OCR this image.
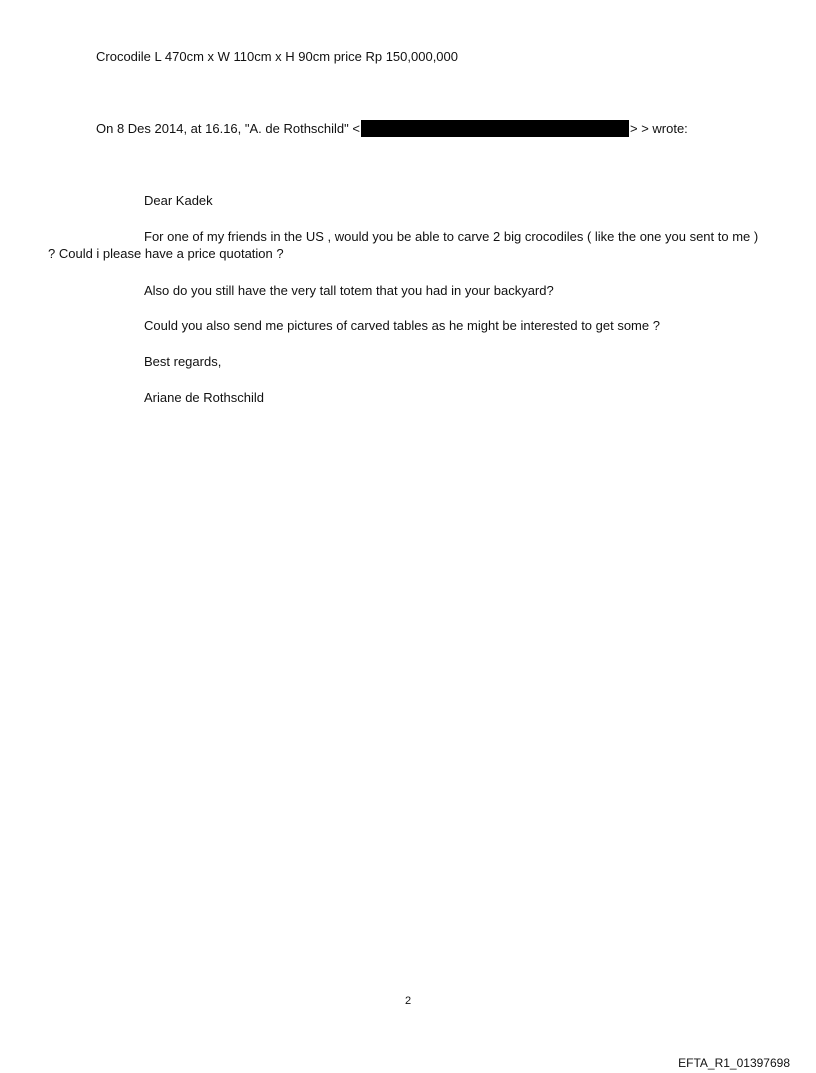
Crocodile L 470cm x W 110cm x H 90cm price Rp 150,000,000
On 8 Des 2014, at 16.16, "A. de Rothschild" <	> > wrote:
Dear Kadek
For one of my friends in the US , would you be able to carve 2 big crocodiles ( like the one you sent to me ) ? Could i please have a price quotation ?
Also do you still have the very tall totem that you had in your backyard?
Could you also send me pictures of carved tables as he might be interested to get some ?
Best regards,
Ariane de Rothschild
2
EFTA_R1_01397698
